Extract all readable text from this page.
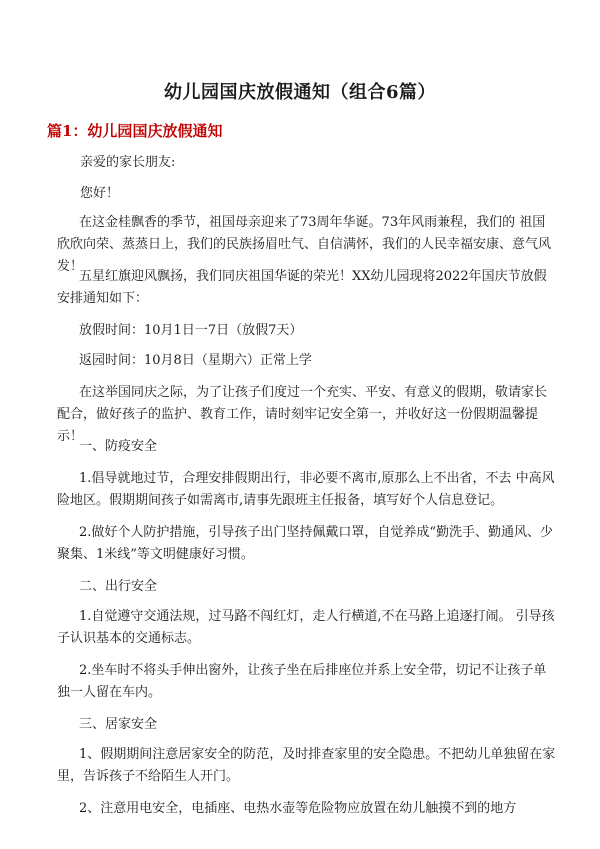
幼儿园国庆放假通知（组合6篇）
篇1：幼儿园国庆放假通知
亲爱的家长朋友:
您好！
在这金桂飘香的季节，祖国母亲迎来了73周年华诞。73年风雨兼程，我们的 祖国欣欣向荣、蒸蒸日上，我们的民族扬眉吐气、自信满怀，我们的人民幸福安康、意气风发！
五星红旗迎风飘扬，我们同庆祖国华诞的荣光！XX幼儿园现将2022年国庆节放假安排通知如下：
放假时间：10月1日一7日（放假7天）
返园时间：10月8日（星期六）正常上学
在这举国同庆之际，为了让孩子们度过一个充实、平安、有意义的假期，敬请家长配合，做好孩子的监护、教育工作，请时刻牢记安全第一，并收好这一份假期温馨提示！
一、防疫安全
1.倡导就地过节，合理安排假期出行，非必要不离市,原那么上不出省，不去 中高风险地区。假期期间孩子如需离市,请事先跟班主任报备，填写好个人信息登记。
2.做好个人防护措施，引导孩子出门坚持佩戴口罩，自觉养成“勤洗手、勤通风、少聚集、1米线”等文明健康好习惯。
二、出行安全
1.自觉遵守交通法规，过马路不闯红灯，走人行横道,不在马路上追逐打闹。 引导孩子认识基本的交通标志。
2.坐车时不将头手伸出窗外，让孩子坐在后排座位并系上安全带，切记不让孩子单独一人留在车内。
三、居家安全
1、假期期间注意居家安全的防范，及时排查家里的安全隐患。不把幼儿单独留在家里，告诉孩子不给陌生人开门。
2、注意用电安全，电插座、电热水壶等危险物应放置在幼儿触摸不到的地方
